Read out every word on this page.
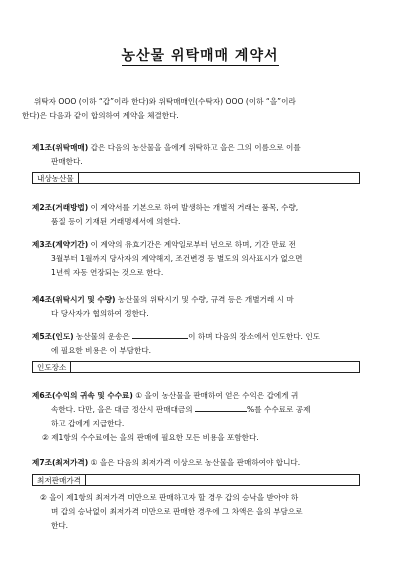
농산물 위탁매매 계약서
위탁자 OOO (이하 “갑”이라 한다)와 위탁매매인(수탁자) OOO (이하 “을”이라
한다)은 다음과 같이 합의하여 계약을 체결한다.
제1조(위탁매매) 갑은 다음의 농산물을 을에게 위탁하고 을은 그의 이름으로 이를
판매한다.
내상농산물
제2조(거래방법) 이 계약서를 기본으로 하여 발생하는 개별적 거래는 품목, 수량,
품질 등이 기재된 거래명세서에 의한다.
제3조(계약기간) 이 계약의 유효기간은 계약일로부터 년으로 하며, 기간 만료 전
3월부터 1월까지 당사자의 계약해지, 조건변경 등 별도의 의사표시가 없으면
1년씩 자동 연장되는 것으로 한다.
제4조(위탁시기 및 수량) 농산물의 위탁시기 및 수량, 규격 등은 개별거래 시 마
다 당사자가 협의하여 정한다.
제5조(인도) 농산물의 운송은	이 하며 다음의 장소에서 인도한다. 인도
에 필요한 비용은 이 부담한다.
인도장소
제6조(수익의 귀속 및 수수료) ① 을이 농산물을 판매하여 얻은 수익은 갑에게 귀
속한다. 다만, 을은 대금 정산시 판매대금의	%를 수수료로 공제
하고 갑에게 지급한다.
② 제1항의 수수료에는 을의 판매에 필요한 모든 비용을 포함한다.
제7조(최저가격) ① 을은 다음의 최저가격 이상으로 농산물을 판매하여야 합니다.
최저판매가격
② 을이 제1항의 최저가격 미만으로 판매하고자 할 경우 갑의 승낙을 받아야 하
며 갑의 승낙없이 최저가격 미만으로 판매한 경우에 그 차액은 을의 부담으로
한다.
